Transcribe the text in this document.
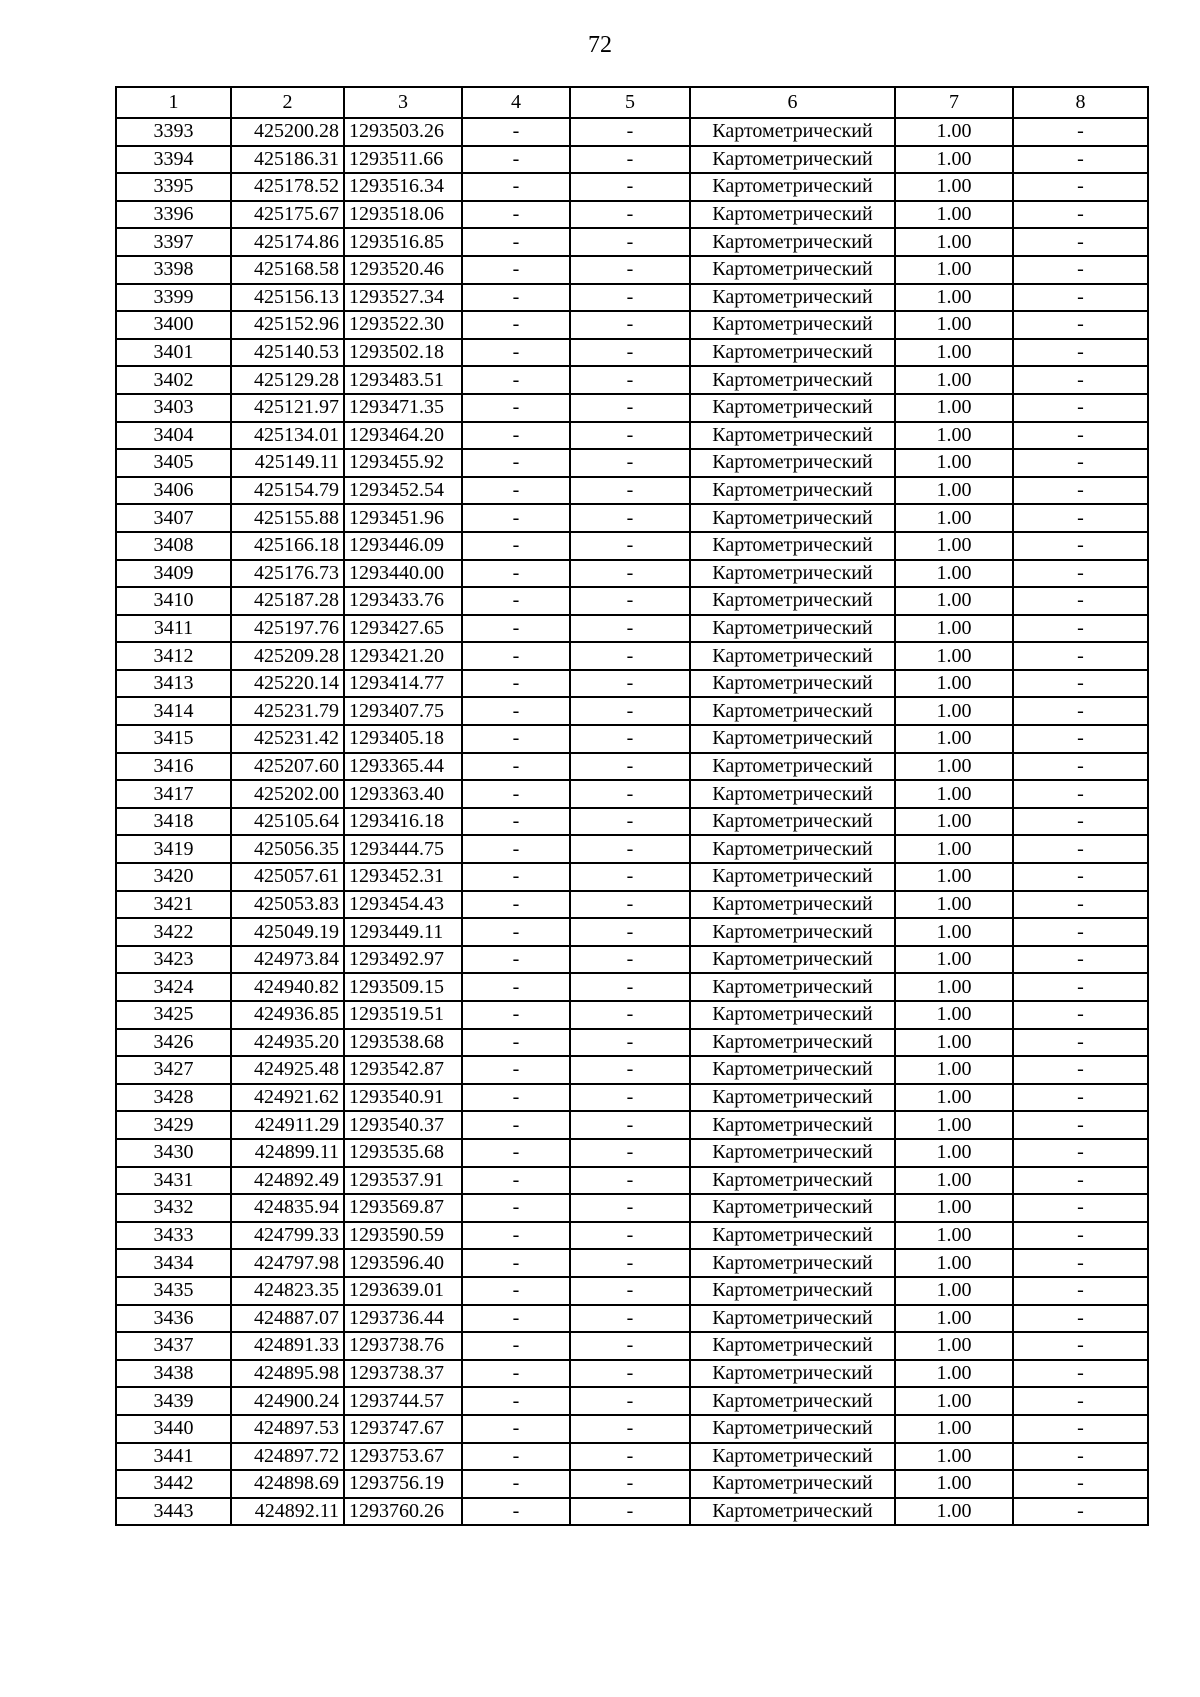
72
1	2	3	4	5	6	7	8
3393	425200.28	1293503.26	-	-	Картометрический	1.00	-
3394	425186.31	1293511.66	-	-	Картометрический	1.00	-
3395	425178.52	1293516.34	-	-	Картометрический	1.00	-
3396	425175.67	1293518.06	-	-	Картометрический	1.00	-
3397	425174.86	1293516.85	-	-	Картометрический	1.00	-
3398	425168.58	1293520.46	-	-	Картометрический	1.00	-
3399	425156.13	1293527.34	-	-	Картометрический	1.00	-
3400	425152.96	1293522.30	-	-	Картометрический	1.00	-
3401	425140.53	1293502.18	-	-	Картометрический	1.00	-
3402	425129.28	1293483.51	-	-	Картометрический	1.00	-
3403	425121.97	1293471.35	-	-	Картометрический	1.00	-
3404	425134.01	1293464.20	-	-	Картометрический	1.00	-
3405	425149.11	1293455.92	-	-	Картометрический	1.00	-
3406	425154.79	1293452.54	-	-	Картометрический	1.00	-
3407	425155.88	1293451.96	-	-	Картометрический	1.00	-
3408	425166.18	1293446.09	-	-	Картометрический	1.00	-
3409	425176.73	1293440.00	-	-	Картометрический	1.00	-
3410	425187.28	1293433.76	-	-	Картометрический	1.00	-
3411	425197.76	1293427.65	-	-	Картометрический	1.00	-
3412	425209.28	1293421.20	-	-	Картометрический	1.00	-
3413	425220.14	1293414.77	-	-	Картометрический	1.00	-
3414	425231.79	1293407.75	-	-	Картометрический	1.00	-
3415	425231.42	1293405.18	-	-	Картометрический	1.00	-
3416	425207.60	1293365.44	-	-	Картометрический	1.00	-
3417	425202.00	1293363.40	-	-	Картометрический	1.00	-
3418	425105.64	1293416.18	-	-	Картометрический	1.00	-
3419	425056.35	1293444.75	-	-	Картометрический	1.00	-
3420	425057.61	1293452.31	-	-	Картометрический	1.00	-
3421	425053.83	1293454.43	-	-	Картометрический	1.00	-
3422	425049.19	1293449.11	-	-	Картометрический	1.00	-
3423	424973.84	1293492.97	-	-	Картометрический	1.00	-
3424	424940.82	1293509.15	-	-	Картометрический	1.00	-
3425	424936.85	1293519.51	-	-	Картометрический	1.00	-
3426	424935.20	1293538.68	-	-	Картометрический	1.00	-
3427	424925.48	1293542.87	-	-	Картометрический	1.00	-
3428	424921.62	1293540.91	-	-	Картометрический	1.00	-
3429	424911.29	1293540.37	-	-	Картометрический	1.00	-
3430	424899.11	1293535.68	-	-	Картометрический	1.00	-
3431	424892.49	1293537.91	-	-	Картометрический	1.00	-
3432	424835.94	1293569.87	-	-	Картометрический	1.00	-
3433	424799.33	1293590.59	-	-	Картометрический	1.00	-
3434	424797.98	1293596.40	-	-	Картометрический	1.00	-
3435	424823.35	1293639.01	-	-	Картометрический	1.00	-
3436	424887.07	1293736.44	-	-	Картометрический	1.00	-
3437	424891.33	1293738.76	-	-	Картометрический	1.00	-
3438	424895.98	1293738.37	-	-	Картометрический	1.00	-
3439	424900.24	1293744.57	-	-	Картометрический	1.00	-
3440	424897.53	1293747.67	-	-	Картометрический	1.00	-
3441	424897.72	1293753.67	-	-	Картометрический	1.00	-
3442	424898.69	1293756.19	-	-	Картометрический	1.00	-
3443	424892.11	1293760.26	-	-	Картометрический	1.00	-
